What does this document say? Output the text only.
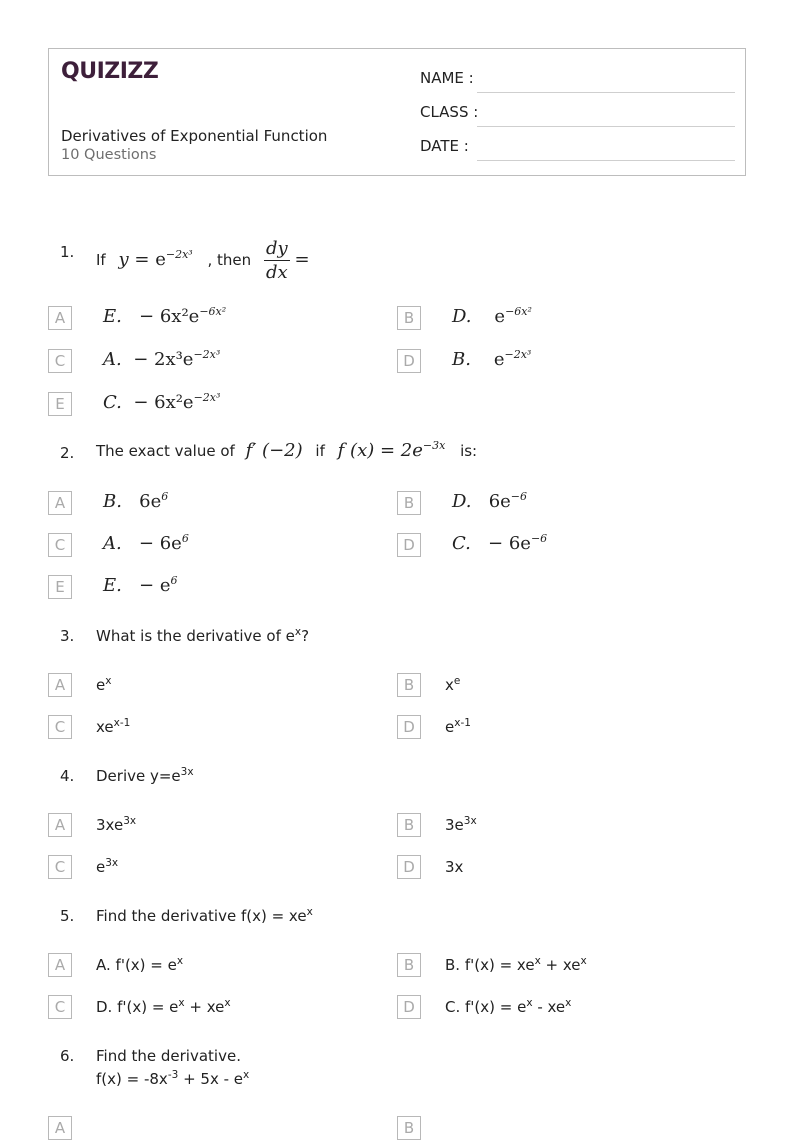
QUIZIZZ
Derivatives of Exponential Function
10 Questions
NAME :
CLASS :
DATE :
1. If $y = e^{-2x^3}$ , then $\frac{dy}{dx}$ =
A	E. − $6x^2e^{-6x^2}$	B	D. $e^{-6x^2}$
C	A. − $2x^3e^{-2x^3}$	D	B. $e^{-2x^3}$
E	C. − $6x^2e^{-2x^3}$
2. The exact value of f′ (−2) if f $(x) = 2e^{-3x}$ is:
A	B. $6e^6$	B	D. $6e^{-6}$
C	A. − $6e^6$	D	C. − $6e^{-6}$
E	E. − $e^6$
3. What is the derivative of $e^x$?
A	$e^x$	B	$x^e$
C	$xe^{x-1}$	D	$e^{x-1}$
4. Derive $y=e^{3x}$
A	$3xe^{3x}$	B	$3e^{3x}$
C	$e^{3x}$	D	3x
5. Find the derivative $f(x) = xe^x$
A	A. $f'(x) = e^x$	B	B. $f'(x) = xe^x + xe^x$
C	D. $f'(x) = e^x + xe^x$	D	C. $f'(x) = e^x - xe^x$
6. Find the derivative.
$f(x) = -8x^{-3} + 5x - e^x$
A	B
